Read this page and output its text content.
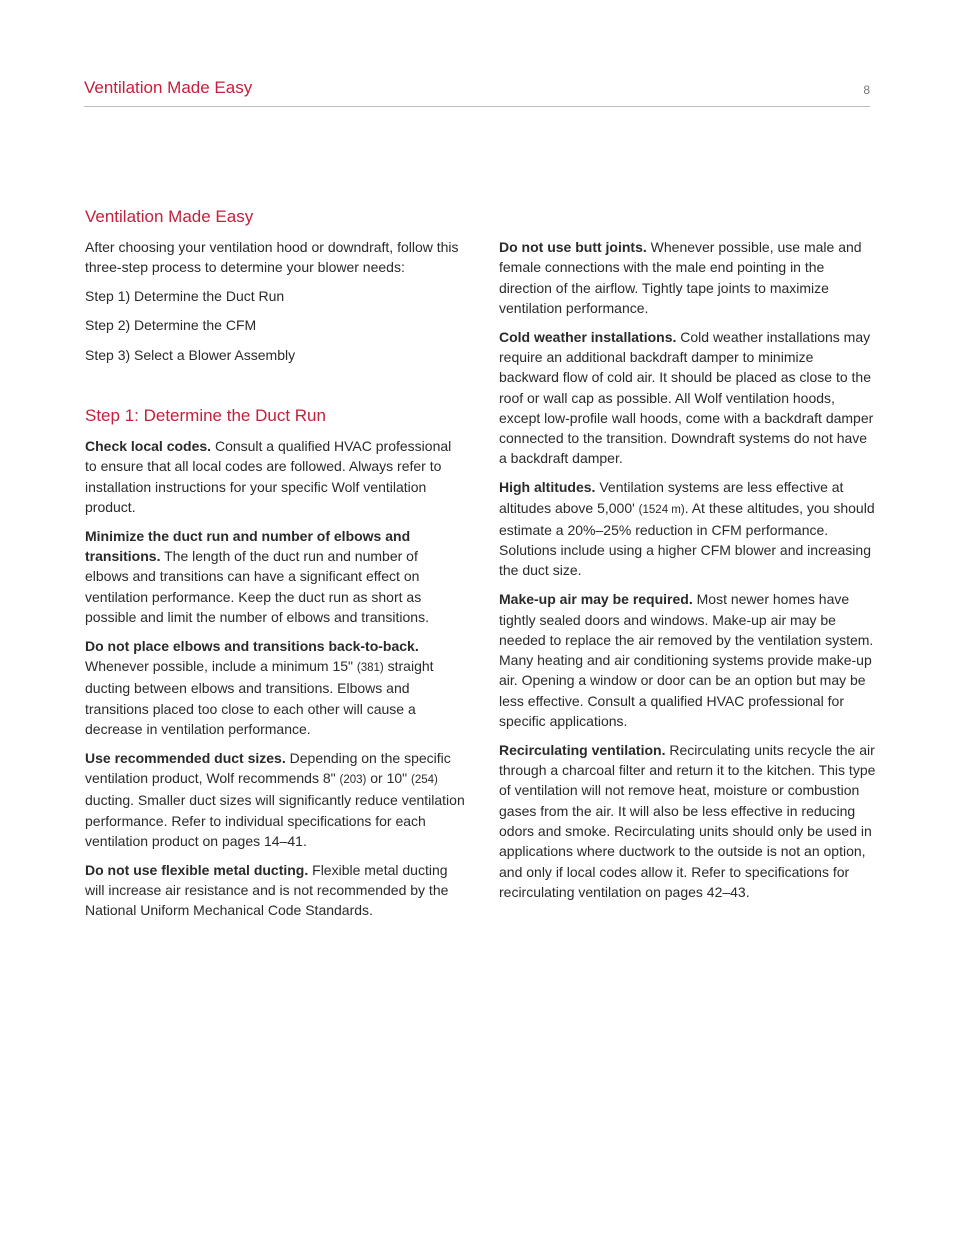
Ventilation Made Easy	8
Ventilation Made Easy

After choosing your ventilation hood or downdraft, follow this three-step process to determine your blower needs:

Step 1) Determine the Duct Run
Step 2) Determine the CFM
Step 3) Select a Blower Assembly
Step 1: Determine the Duct Run

Check local codes. Consult a qualified HVAC professional to ensure that all local codes are followed. Always refer to installation instructions for your specific Wolf ventilation product.

Minimize the duct run and number of elbows and transitions. The length of the duct run and number of elbows and transitions can have a significant effect on ventilation performance. Keep the duct run as short as possible and limit the number of elbows and transitions.

Do not place elbows and transitions back-to-back. Whenever possible, include a minimum 15" (381) straight ducting between elbows and transitions. Elbows and transitions placed too close to each other will cause a decrease in ventilation performance.

Use recommended duct sizes. Depending on the specific ventilation product, Wolf recommends 8" (203) or 10" (254) ducting. Smaller duct sizes will significantly reduce ventilation performance. Refer to individual specifications for each ventilation product on pages 14–41.

Do not use flexible metal ducting. Flexible metal ducting will increase air resistance and is not recommended by the National Uniform Mechanical Code Standards.

Do not use butt joints. Whenever possible, use male and female connections with the male end pointing in the direction of the airflow. Tightly tape joints to maximize ventilation performance.

Cold weather installations. Cold weather installations may require an additional backdraft damper to minimize backward flow of cold air. It should be placed as close to the roof or wall cap as possible. All Wolf ventilation hoods, except low-profile wall hoods, come with a backdraft damper connected to the transition. Downdraft systems do not have a backdraft damper.

High altitudes. Ventilation systems are less effective at altitudes above 5,000' (1524 m). At these altitudes, you should estimate a 20%–25% reduction in CFM performance. Solutions include using a higher CFM blower and increasing the duct size.

Make-up air may be required. Most newer homes have tightly sealed doors and windows. Make-up air may be needed to replace the air removed by the ventilation system. Many heating and air conditioning systems provide make-up air. Opening a window or door can be an option but may be less effective. Consult a qualified HVAC professional for specific applications.

Recirculating ventilation. Recirculating units recycle the air through a charcoal filter and return it to the kitchen. This type of ventilation will not remove heat, moisture or combustion gases from the air. It will also be less effective in reducing odors and smoke. Recirculating units should only be used in applications where ductwork to the outside is not an option, and only if local codes allow it. Refer to specifications for recirculating ventilation on pages 42–43.
